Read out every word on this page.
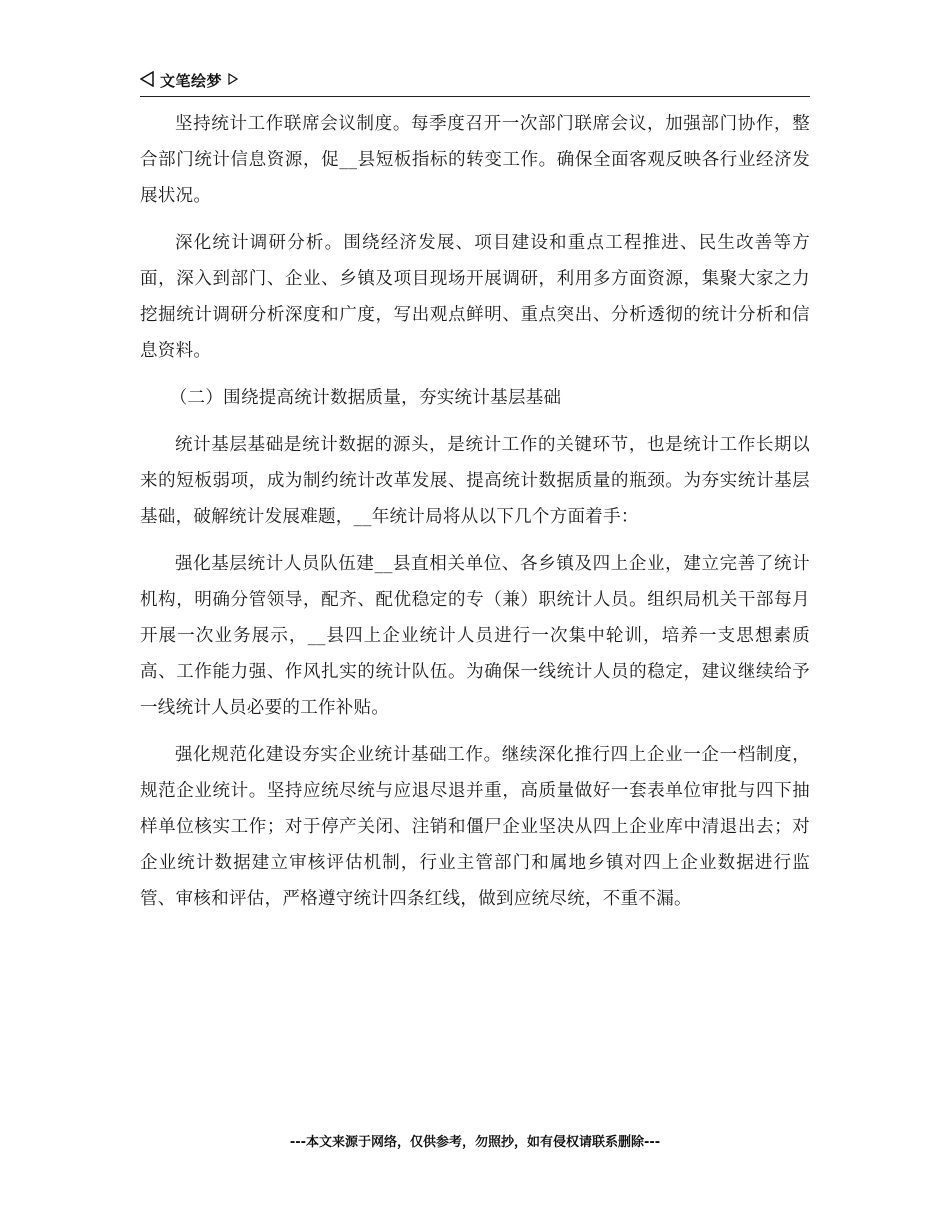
文笔绘梦

坚持统计工作联席会议制度。每季度召开一次部门联席会议，加强部门协作，整合部门统计信息资源，促__县短板指标的转变工作。确保全面客观反映各行业经济发展状况。

深化统计调研分析。围绕经济发展、项目建设和重点工程推进、民生改善等方面，深入到部门、企业、乡镇及项目现场开展调研，利用多方面资源，集聚大家之力挖掘统计调研分析深度和广度，写出观点鲜明、重点突出、分析透彻的统计分析和信息资料。

（二）围绕提高统计数据质量，夯实统计基层基础

统计基层基础是统计数据的源头，是统计工作的关键环节，也是统计工作长期以来的短板弱项，成为制约统计改革发展、提高统计数据质量的瓶颈。为夯实统计基层基础，破解统计发展难题，__年统计局将从以下几个方面着手：

强化基层统计人员队伍建__县直相关单位、各乡镇及四上企业，建立完善了统计机构，明确分管领导，配齐、配优稳定的专（兼）职统计人员。组织局机关干部每月开展一次业务展示，__县四上企业统计人员进行一次集中轮训，培养一支思想素质高、工作能力强、作风扎实的统计队伍。为确保一线统计人员的稳定，建议继续给予一线统计人员必要的工作补贴。

强化规范化建设夯实企业统计基础工作。继续深化推行四上企业一企一档制度，规范企业统计。坚持应统尽统与应退尽退并重，高质量做好一套表单位审批与四下抽样单位核实工作；对于停产关闭、注销和僵尸企业坚决从四上企业库中清退出去；对企业统计数据建立审核评估机制，行业主管部门和属地乡镇对四上企业数据进行监管、审核和评估，严格遵守统计四条红线，做到应统尽统，不重不漏。

---本文来源于网络，仅供参考，勿照抄，如有侵权请联系删除---
